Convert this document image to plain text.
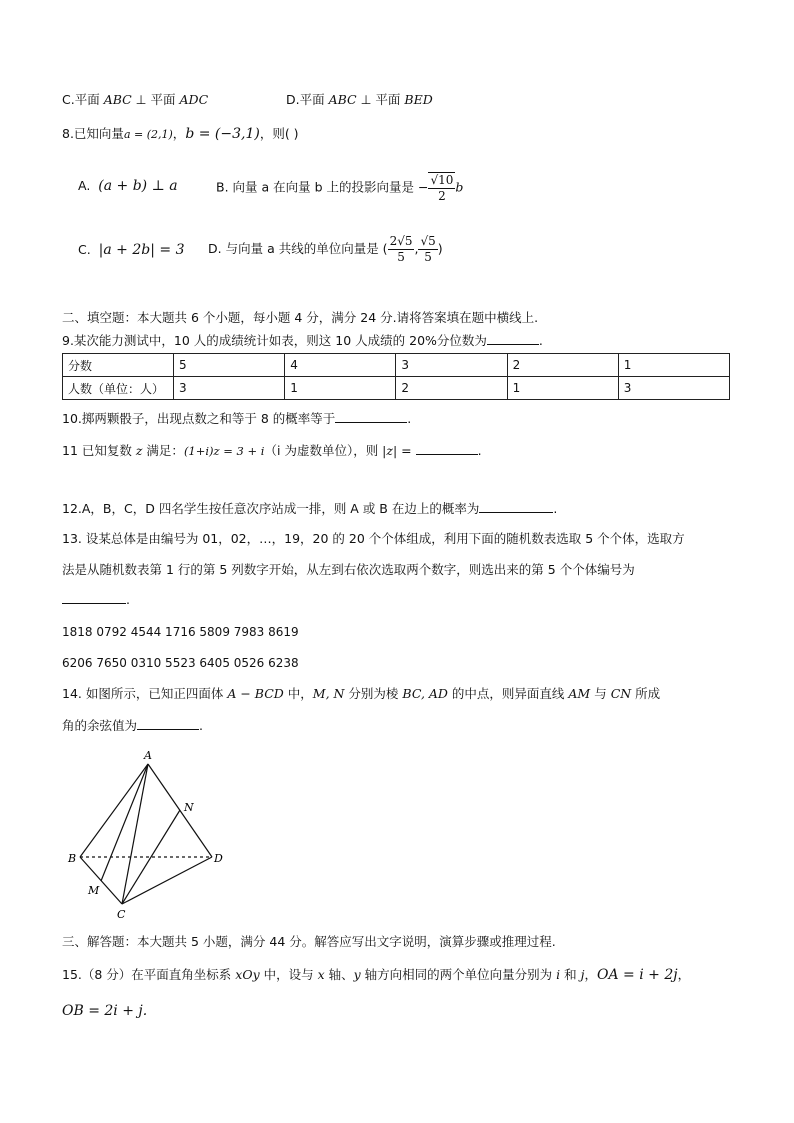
C.平面 ABC ⊥ 平面 ADC	D.平面 ABC ⊥ 平面 BED
8.已知向量a = (2,1)，b = (−3,1)，则( )
A. (a + b) ⊥ a	B. 向量 a 在向量 b 上的投影向量是 − $\frac{√10}{2}$ b
C. |a + 2b| = 3 D. 与向量 a 共线的单位向量是 ( $\frac{2√5}{5}$ , $\frac{√5}{5}$ )
二、填空题：本大题共 6 个小题，每小题 4 分，满分 24 分.请将答案填在题中横线上.
9.某次能力测试中，10 人的成绩统计如表，则这 10 人成绩的 20%分位数为	.
分数	5	4	3	2	1
人数（单位：人）	3	1	2	1	3
10.掷两颗骰子，出现点数之和等于 8 的概率等于	.
11 已知复数 z 满足：(1+i)z = 3 + i（i 为虚数单位），则 |z| =	.
12.A，B，C，D 四名学生按任意次序站成一排，则 A 或 B 在边上的概率为	.
13. 设某总体是由编号为 01，02，…，19，20 的 20 个个体组成，利用下面的随机数表选取 5 个个体，选取方
法是从随机数表第 1 行的第 5 列数字开始，从左到右依次选取两个数字，则选出来的第 5 个个体编号为
.
1818 0792 4544 1716 5809 7983 8619
6206 7650 0310 5523 6405 0526 6238
14. 如图所示，已知正四面体 A − BCD 中，M, N 分别为棱 BC, AD 的中点，则异面直线 AM 与 CN 所成
角的余弦值为	.
A
B
C
D
M
N
三、解答题：本大题共 5 小题，满分 44 分。解答应写出文字说明，演算步骤或推理过程.
15.（8 分）在平面直角坐标系 xOy 中，设与 x 轴、y 轴方向相同的两个单位向量分别为 i 和 j，OA = i + 2j，
OB = 2i + j.
